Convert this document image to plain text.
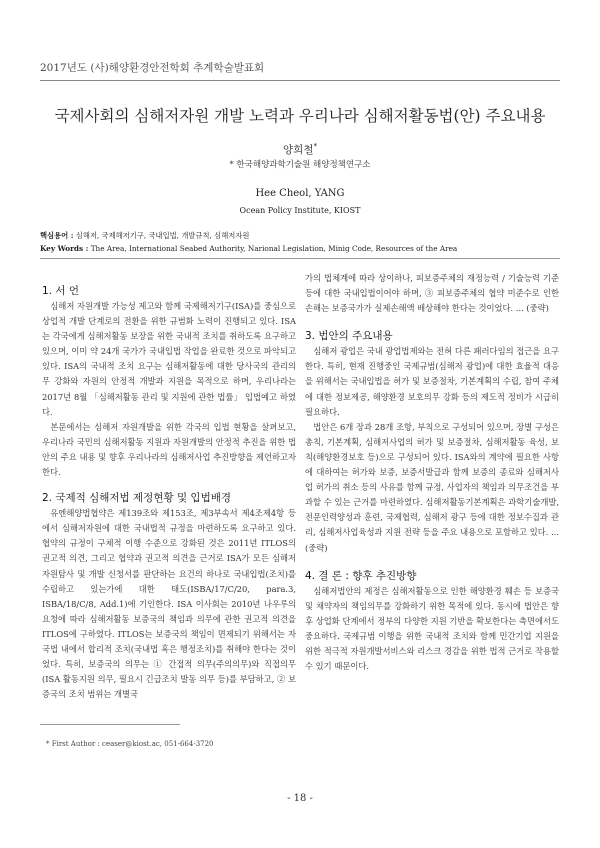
2017년도 (사)해양환경안전학회 추계학술발표회
국제사회의 심해저자원 개발 노력과 우리나라 심해저활동법(안) 주요내용
양희철*
* 한국해양과학기술원 해양정책연구소
Hee Cheol, YANG
Ocean Policy Institute, KIOST
핵심용어 : 심해저, 국제해저기구, 국내입법, 개발규칙, 심해저자원
Key Words : The Area, International Seabed Authority, Narional Legislation, Minig Code, Resources of the Area
1. 서 언

심해저 자원개발 가능성 제고와 함께 국제해저기구(ISA)를 중심으로 상업적 개발 단계로의 전환을 위한 규범화 노력이 진행되고 있다. ISA는 각국에게 심해저활동 보장을 위한 국내적 조치를 취하도록 요구하고 있으며, 이미 약 24개 국가가 국내입법 작업을 완료한 것으로 파악되고 있다. ISA의 국내적 조치 요구는 심해저활동에 대한 당사국의 관리의무 강화와 자원의 안정적 개발과 지원을 목적으로 하며, 우리나라는 2017년 8월 「심해저활동 관리 및 지원에 관한 법률」 입법예고 하였다.

본문에서는 심해저 자원개발을 위한 각국의 입법 현황을 살펴보고, 우리나라 국민의 심해저활동 지원과 자원개발의 안정적 추진을 위한 법안의 주요 내용 및 향후 우리나라의 심해저사업 추진방향을 제언하고자 한다.

2. 국제적 심해저법 제정현황 및 입법배경

유엔해양법협약은 제139조와 제153조, 제3부속서 제4조제4항 등에서 심해저자원에 대한 국내법적 규정을 마련하도록 요구하고 있다. 협약의 규정이 구체적 이행 수준으로 강화된 것은 2011년 ITLOS의 권고적 의견, 그리고 협약과 권고적 의견을 근거로 ISA가 모든 심해저 자원탐사 및 개발 신청서를 판단하는 요건의 하나로 국내입법(조치)를 수립하고 있는가에 대한 태도(ISBA/17/C/20, para.3, ISBA/18/C/8, Add.1)에 기인한다. ISA 이사회는 2010년 나우루의 요청에 따라 심해저활동 보증국의 책임과 의무에 관한 권고적 의견을 ITLOS에 구하였다. ITLOS는 보증국의 책임이 면제되기 위해서는 자국법 내에서 합리적 조치(국내법 혹은 행정조치)를 취해야 한다는 것이었다. 특히, 보증국의 의무는 ① 간접적 의무(주의의무)와 직접의무(ISA 활동지원 의무, 필요시 긴급조치 발동 의무 등)를 부담하고, ② 보증국의 조치 범위는 개별국

가의 법체계에 따라 상이하나, 피보증주체의 재정능력 / 기술능력 기준 등에 대한 국내입법이어야 하며, ③ 피보증주체의 협약 미준수로 인한 손해는 보증국가가 실제손해액 배상해야 한다는 것이었다. ... (중략)

3. 법안의 주요내용

심해저 광업은 국내 광업법제와는 전혀 다른 패러다임의 접근을 요구한다. 특히, 현재 진행중인 국제규범(심해저 광업)에 대한 효율적 대응을 위해서는 국내입법을 허가 및 보증절차, 기본계획의 수립, 참여 주체에 대한 정보제공, 해양환경 보호의무 강화 등의 제도적 정비가 시급히 필요하다.

법안은 6개 장과 28개 조항, 부칙으로 구성되어 있으며, 장별 구성은 총칙, 기본계획, 심해저사업의 허가 및 보증절차, 심해저활동 육성, 보칙(해양환경보호 등)으로 구성되어 있다. ISA와의 계약에 필요한 사항에 대하여는 허가와 보증, 보증서발급과 함께 보증의 종료와 심해저사업 허가의 취소 등의 사유를 함께 규정, 사업자의 책임과 의무조건을 부과할 수 있는 근거를 마련하였다. 심해저활동기본계획은 과학기술개발, 전문인력양성과 훈련, 국제협력, 심해저 광구 등에 대한 정보수집과 관리, 심해저사업육성과 지원 전략 등을 주요 내용으로 포함하고 있다. ... (중략)

4. 결 론 : 향후 추진방향

심해저법안의 제정은 심해저활동으로 인한 해양환경 훼손 등 보증국 및 채약자의 책임의무를 강화하기 위한 목적에 있다. 동시에 법안은 향후 상업화 단계에서 정부의 다양한 지원 기반을 확보한다는 측면에서도 중요하다. 국제규범 이행을 위한 국내적 조치와 함께 민간기업 지원을 위한 적극적 자원개발서비스와 리스크 경감을 위한 법적 근거로 작용할 수 있기 때문이다.

* First Author : ceaser@kiost.ac, 051-664-3720
- 18 -
